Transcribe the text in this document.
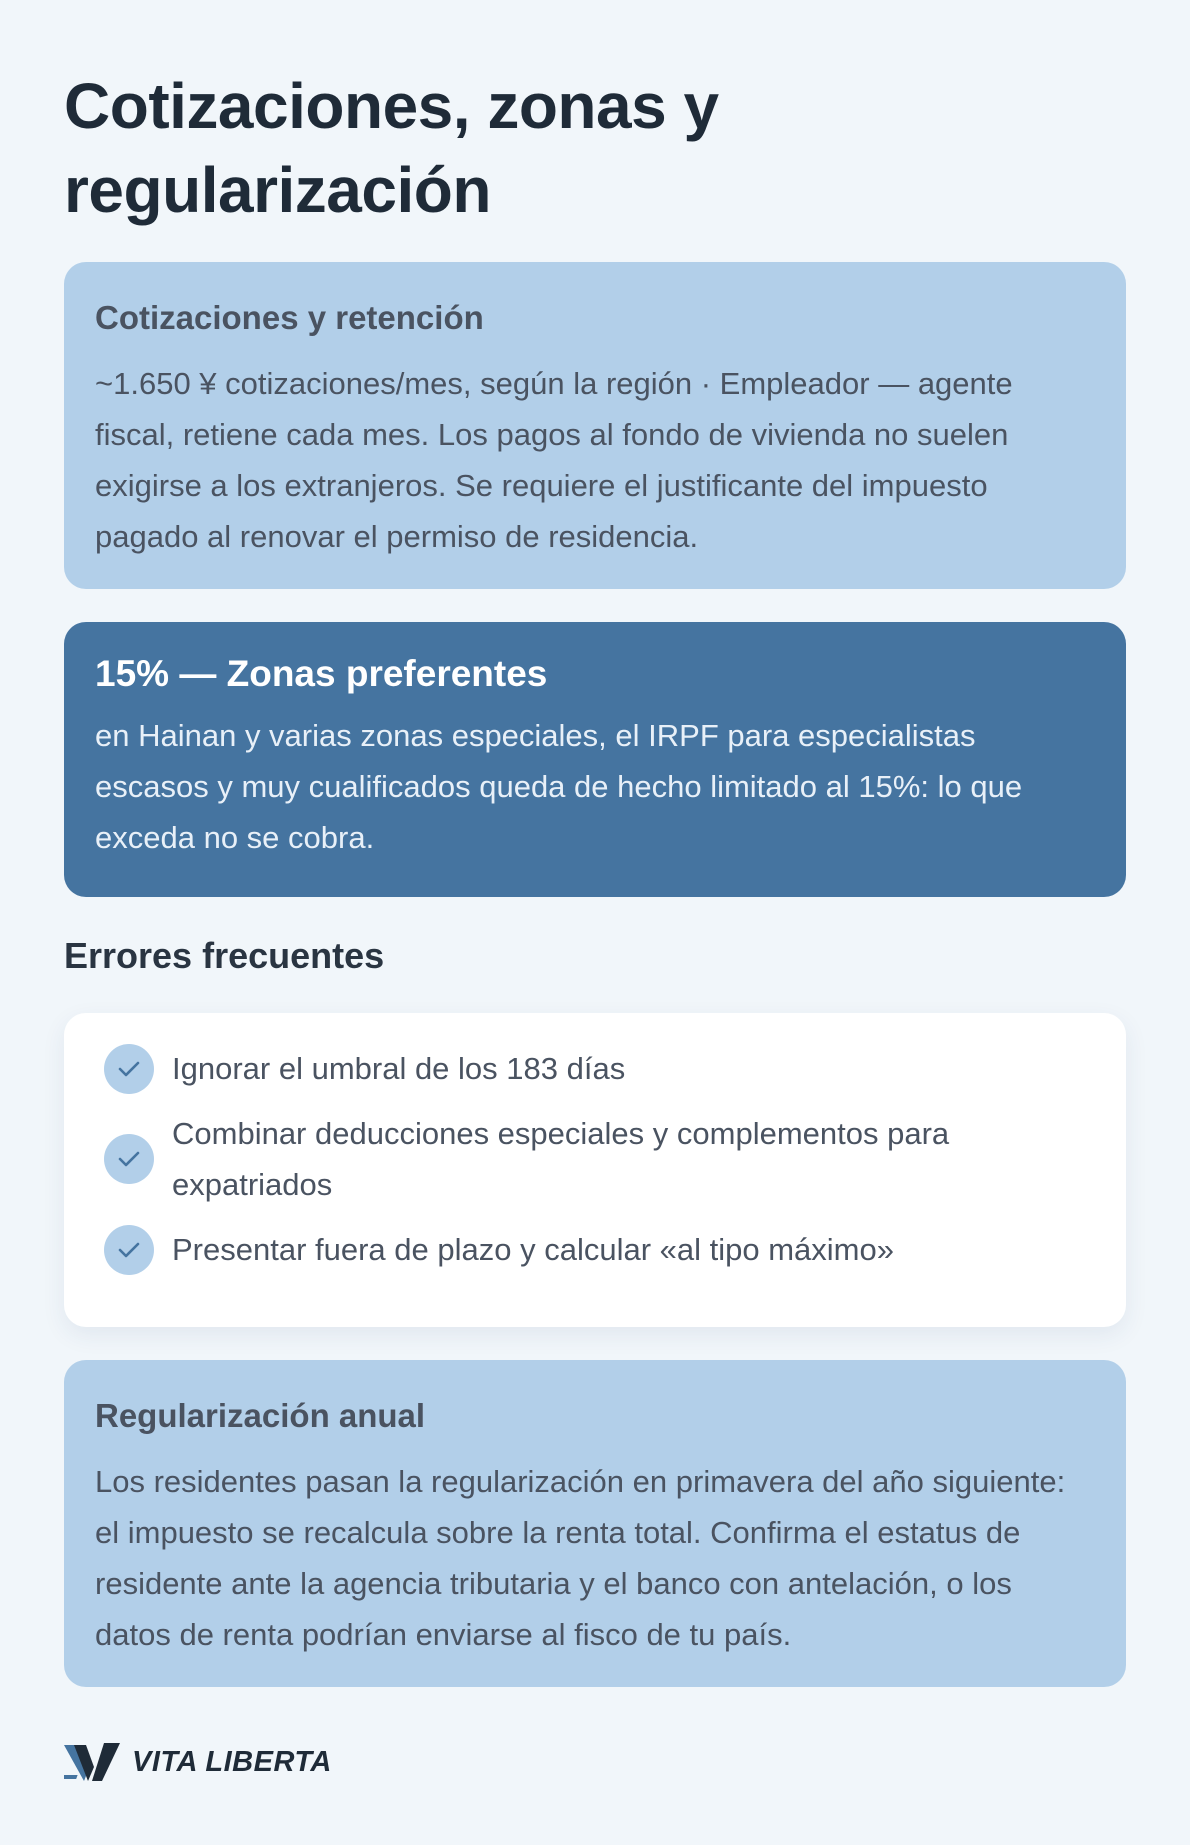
Cotizaciones, zonas y regularización
Cotizaciones y retención
~1.650 ¥ cotizaciones/mes, según la región · Empleador — agente fiscal, retiene cada mes. Los pagos al fondo de vivienda no suelen exigirse a los extranjeros. Se requiere el justificante del impuesto pagado al renovar el permiso de residencia.
15% — Zonas preferentes
en Hainan y varias zonas especiales, el IRPF para especialistas escasos y muy cualificados queda de hecho limitado al 15%: lo que exceda no se cobra.
Errores frecuentes
Ignorar el umbral de los 183 días
Combinar deducciones especiales y complementos para expatriados
Presentar fuera de plazo y calcular «al tipo máximo»
Regularización anual
Los residentes pasan la regularización en primavera del año siguiente: el impuesto se recalcula sobre la renta total. Confirma el estatus de residente ante la agencia tributaria y el banco con antelación, o los datos de renta podrían enviarse al fisco de tu país.
VITA LIBERTA
